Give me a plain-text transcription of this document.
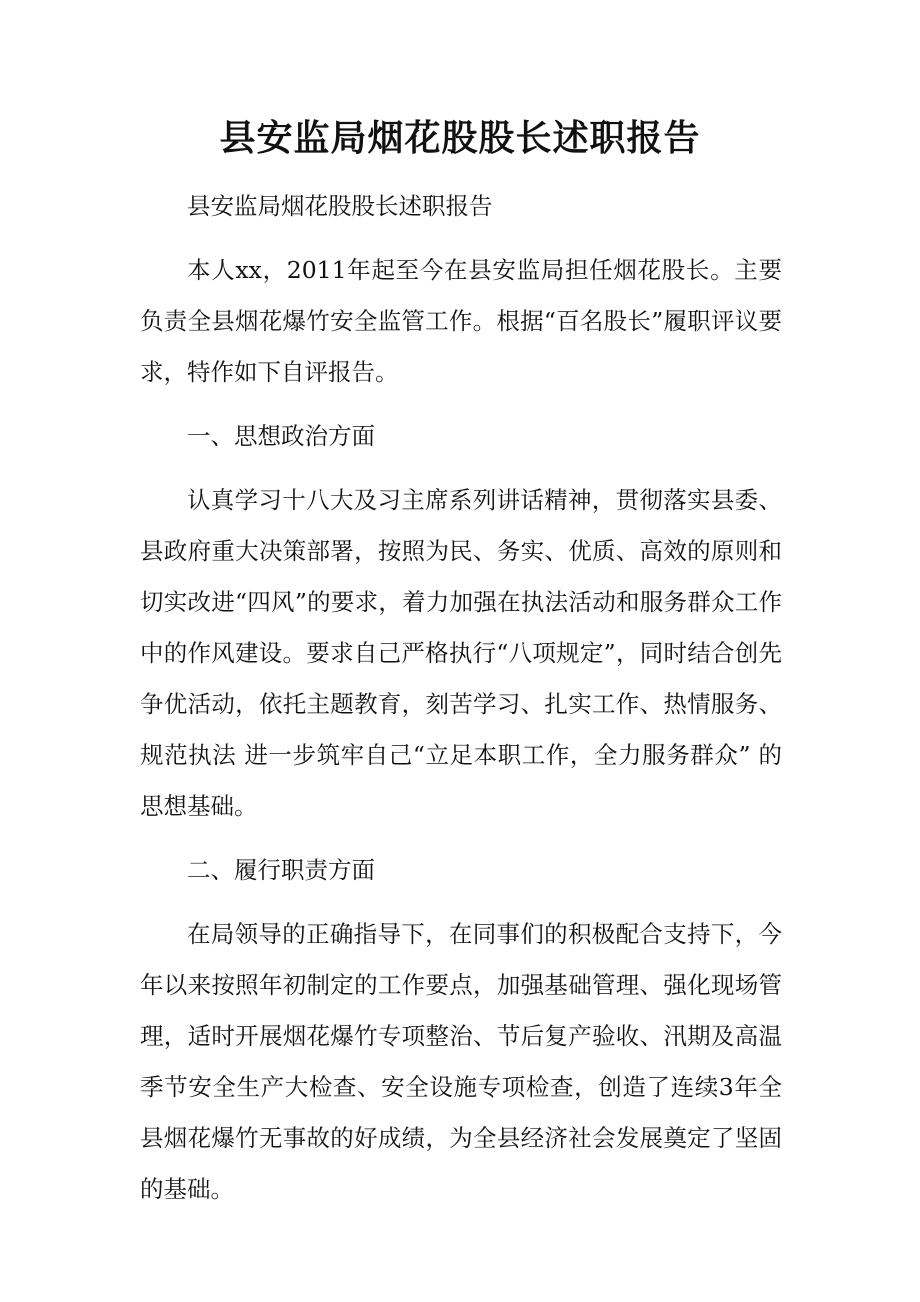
县安监局烟花股股长述职报告

县安监局烟花股股长述职报告

本人xx，2011年起至今在县安监局担任烟花股长。主要负责全县烟花爆竹安全监管工作。根据“百名股长”履职评议要求，特作如下自评报告。

一、思想政治方面

认真学习十八大及习主席系列讲话精神，贯彻落实县委、县政府重大决策部署，按照为民、务实、优质、高效的原则和切实改进“四风”的要求，着力加强在执法活动和服务群众工作中的作风建设。要求自己严格执行“八项规定”，同时结合创先争优活动，依托主题教育，刻苦学习、扎实工作、热情服务、规范执法 进一步筑牢自己“立足本职工作，全力服务群众” 的思想基础。

二、履行职责方面

在局领导的正确指导下，在同事们的积极配合支持下，今年以来按照年初制定的工作要点，加强基础管理、强化现场管理，适时开展烟花爆竹专项整治、节后复产验收、汛期及高温季节安全生产大检查、安全设施专项检查，创造了连续3年全县烟花爆竹无事故的好成绩，为全县经济社会发展奠定了坚固的基础。
